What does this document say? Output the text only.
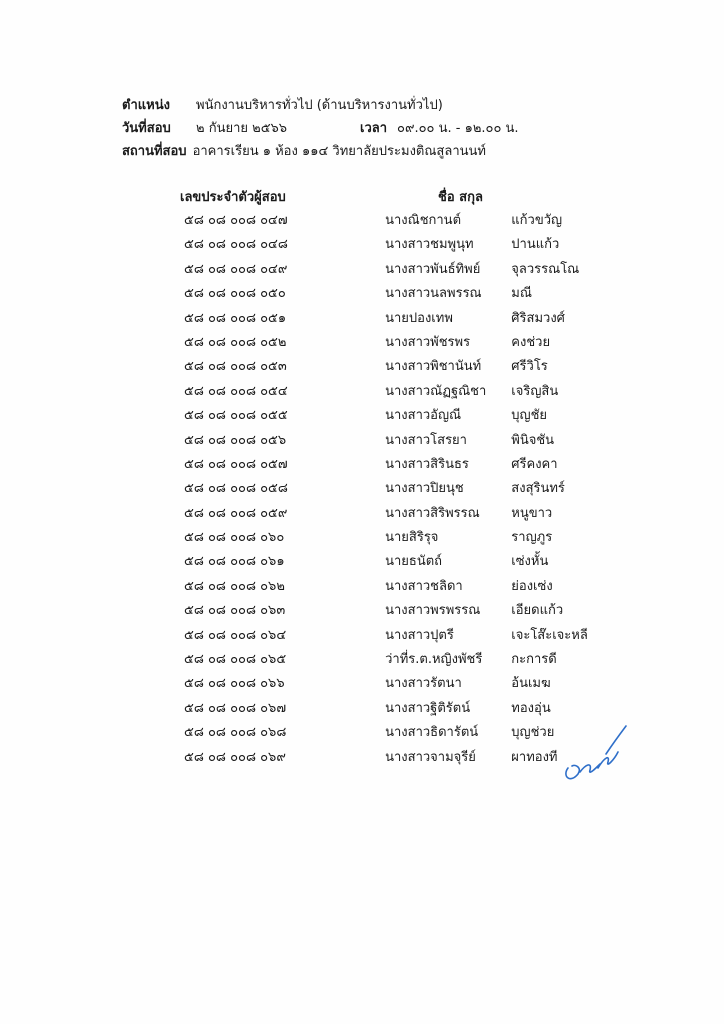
ตำแหน่ง	พนักงานบริหารทั่วไป (ด้านบริหารงานทั่วไป)
วันที่สอบ	๒ กันยาย ๒๕๖๖	เวลา ๐๙.๐๐ น. - ๑๒.๐๐ น.
สถานที่สอบ อาคารเรียน ๑ ห้อง ๑๑๔ วิทยาลัยประมงติณสูลานนท์
เลขประจำตัวผู้สอบ	ชื่อ สกุล
๕๘ ๐๘ ๐๐๘ ๐๔๗	นางณิชกานต์	แก้วขวัญ
๕๘ ๐๘ ๐๐๘ ๐๔๘	นางสาวชมพูนุท	ปานแก้ว
๕๘ ๐๘ ๐๐๘ ๐๔๙	นางสาวพันธ์ทิพย์	จุลวรรณโณ
๕๘ ๐๘ ๐๐๘ ๐๕๐	นางสาวนลพรรณ	มณี
๕๘ ๐๘ ๐๐๘ ๐๕๑	นายปองเทพ	ศิริสมวงศ์
๕๘ ๐๘ ๐๐๘ ๐๕๒	นางสาวพัชรพร	คงช่วย
๕๘ ๐๘ ๐๐๘ ๐๕๓	นางสาวพิชานันท์	ศรีวิโร
๕๘ ๐๘ ๐๐๘ ๐๕๔	นางสาวณัฏฐณิชา	เจริญสิน
๕๘ ๐๘ ๐๐๘ ๐๕๕	นางสาวอัญณี	บุญชัย
๕๘ ๐๘ ๐๐๘ ๐๕๖	นางสาวโสรยา	พินิจชัน
๕๘ ๐๘ ๐๐๘ ๐๕๗	นางสาวสิรินธร	ศรีคงคา
๕๘ ๐๘ ๐๐๘ ๐๕๘	นางสาวปิยนุช	สงสุรินทร์
๕๘ ๐๘ ๐๐๘ ๐๕๙	นางสาวสิริพรรณ	หนูขาว
๕๘ ๐๘ ๐๐๘ ๐๖๐	นายสิริรุจ	ราญภูร
๕๘ ๐๘ ๐๐๘ ๐๖๑	นายธนัตถ์	เซ่งหั้น
๕๘ ๐๘ ๐๐๘ ๐๖๒	นางสาวชลิดา	ย่องเซ่ง
๕๘ ๐๘ ๐๐๘ ๐๖๓	นางสาวพรพรรณ	เอียดแก้ว
๕๘ ๐๘ ๐๐๘ ๐๖๔	นางสาวปุตรี	เจะโส๊ะเจะหลี
๕๘ ๐๘ ๐๐๘ ๐๖๕	ว่าที่ร.ต.หญิงพัชรี	กะการดี
๕๘ ๐๘ ๐๐๘ ๐๖๖	นางสาวรัตนา	อ้นเมฆ
๕๘ ๐๘ ๐๐๘ ๐๖๗	นางสาวฐิติรัตน์	ทองอุ่น
๕๘ ๐๘ ๐๐๘ ๐๖๘	นางสาวธิดารัตน์	บุญช่วย
๕๘ ๐๘ ๐๐๘ ๐๖๙	นางสาวจามจุรีย์	ผาทองที
